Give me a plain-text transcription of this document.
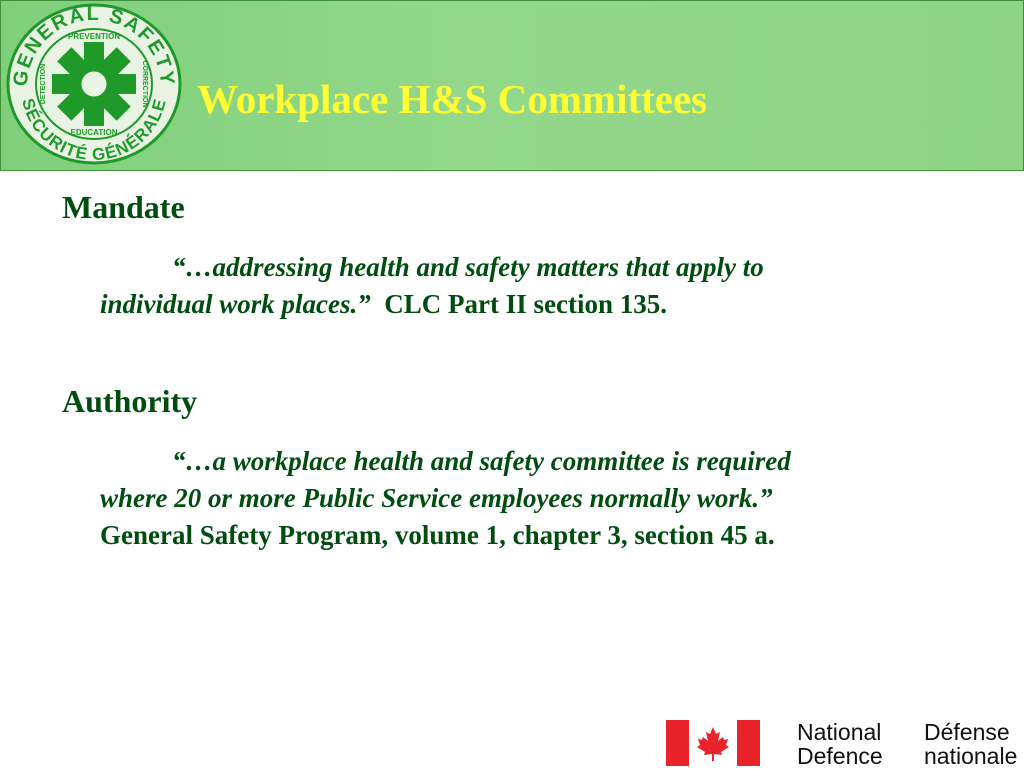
GENERAL SAFETY
SÉCURITÉ GÉNÉRALE
PREVENTION
EDUCATION
DETECTION	CORRECTION Workplace H&S Committees
Mandate
“…addressing health and safety matters that apply to
individual work places.” CLC Part II section 135.
Authority
“…a workplace health and safety committee is required
where 20 or more Public Service employees normally work.”
General Safety Program, volume 1, chapter 3, section 45 a.
National
Defence
Défense
nationale
